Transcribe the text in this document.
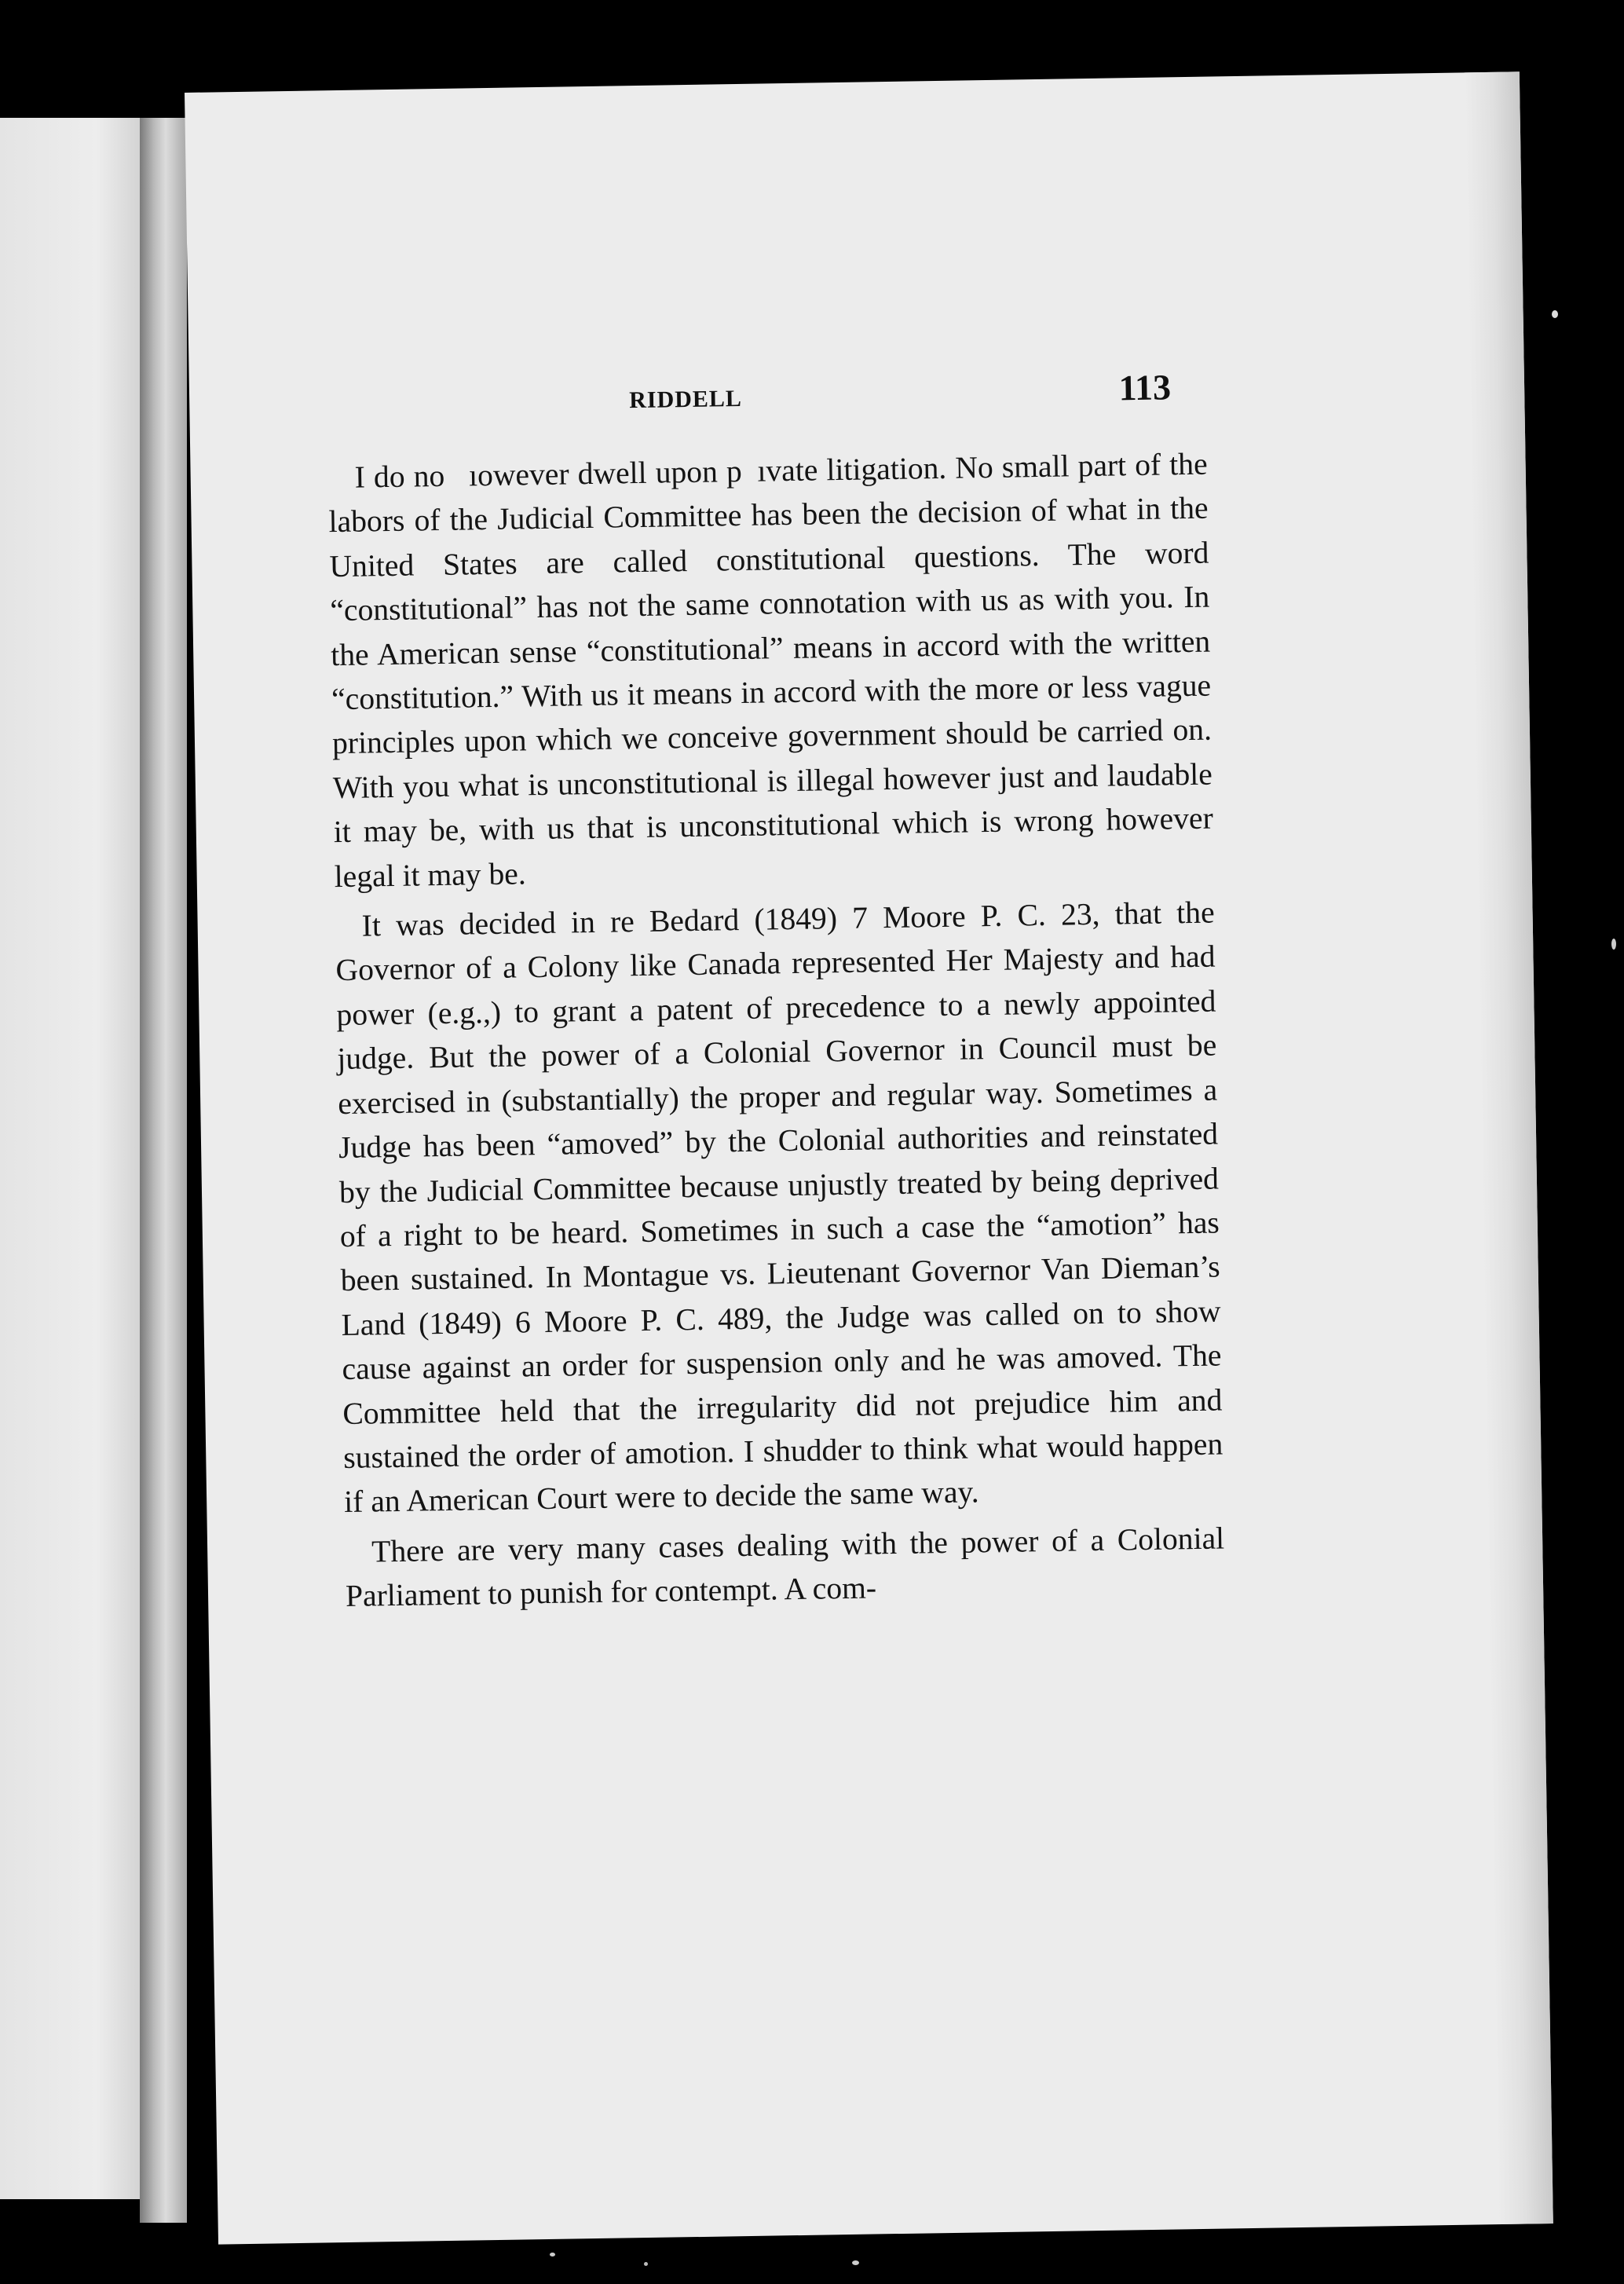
RIDDELL	113

I do no  ıowever dwell upon p ıvate litigation. No small part of the labors of the Judicial Committee has been the decision of what in the United States are called constitutional questions. The word “constitutional” has not the same connotation with us as with you. In the American sense “constitutional” means in accord with the written “constitution.” With us it means in accord with the more or less vague principles upon which we conceive government should be carried on. With you what is unconstitutional is illegal however just and laudable it may be, with us that is unconstitutional which is wrong however legal it may be.

It was decided in re Bedard (1849) 7 Moore P. C. 23, that the Governor of a Colony like Canada represented Her Majesty and had power (e.g.,) to grant a patent of precedence to a newly appointed judge. But the power of a Colonial Governor in Council must be exercised in (substantially) the proper and regular way. Sometimes a Judge has been “amoved” by the Colonial authorities and reinstated by the Judicial Committee because unjustly treated by being deprived of a right to be heard. Sometimes in such a case the “amotion” has been sustained. In Montague vs. Lieutenant Governor Van Dieman’s Land (1849) 6 Moore P. C. 489, the Judge was called on to show cause against an order for suspension only and he was amoved. The Committee held that the irregularity did not prejudice him and sustained the order of amotion. I shudder to think what would happen if an American Court were to decide the same way.

There are very many cases dealing with the power of a Colonial Parliament to punish for contempt. A com-
